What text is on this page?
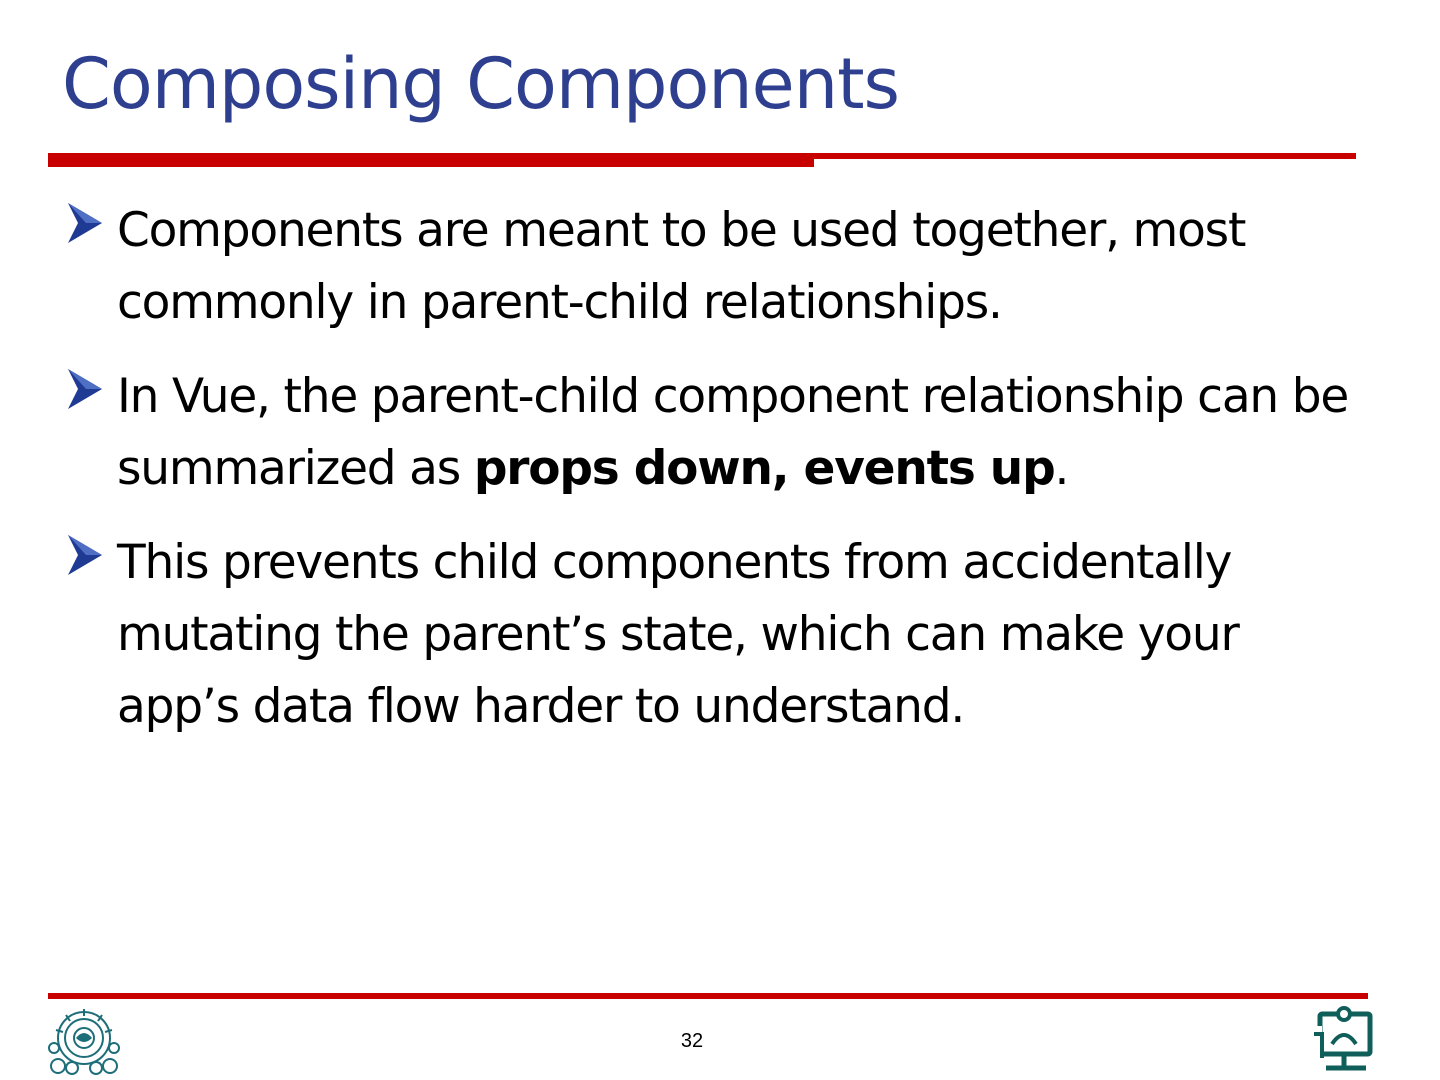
Composing Components
Components are meant to be used together, most commonly in parent-child relationships.
In Vue, the parent-child component relationship can be summarized as props down, events up.
This prevents child components from accidentally mutating the parent’s state, which can make your app’s data flow harder to understand.
32
